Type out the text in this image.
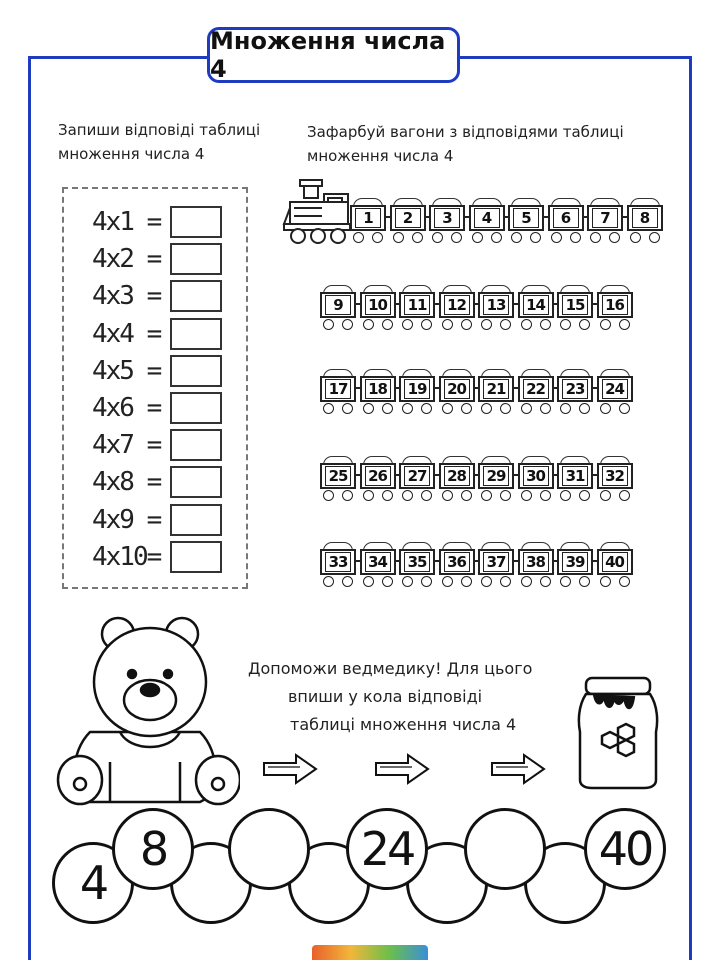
Множення числа 4
Запиши відповіді таблиці
множення числа 4
Зафарбуй вагони з відповідями таблиці
множення числа 4
4x1 =
4x2 =
4x3 =
4x4 =
4x5 =
4x6 =
4x7 =
4x8 =
4x9 =
4x10=
1	2	3	4	5	6	7	8
9	10 11 12 13 14 15 16
17 18 19 20 21 22 23 24
25 26 27 28 29 30 31 32
33 34 35 36 37 38 39 40
Допоможи ведмедику! Для цього
впиши у кола відповіді
таблиці множення числа 4
4
8	24	40
